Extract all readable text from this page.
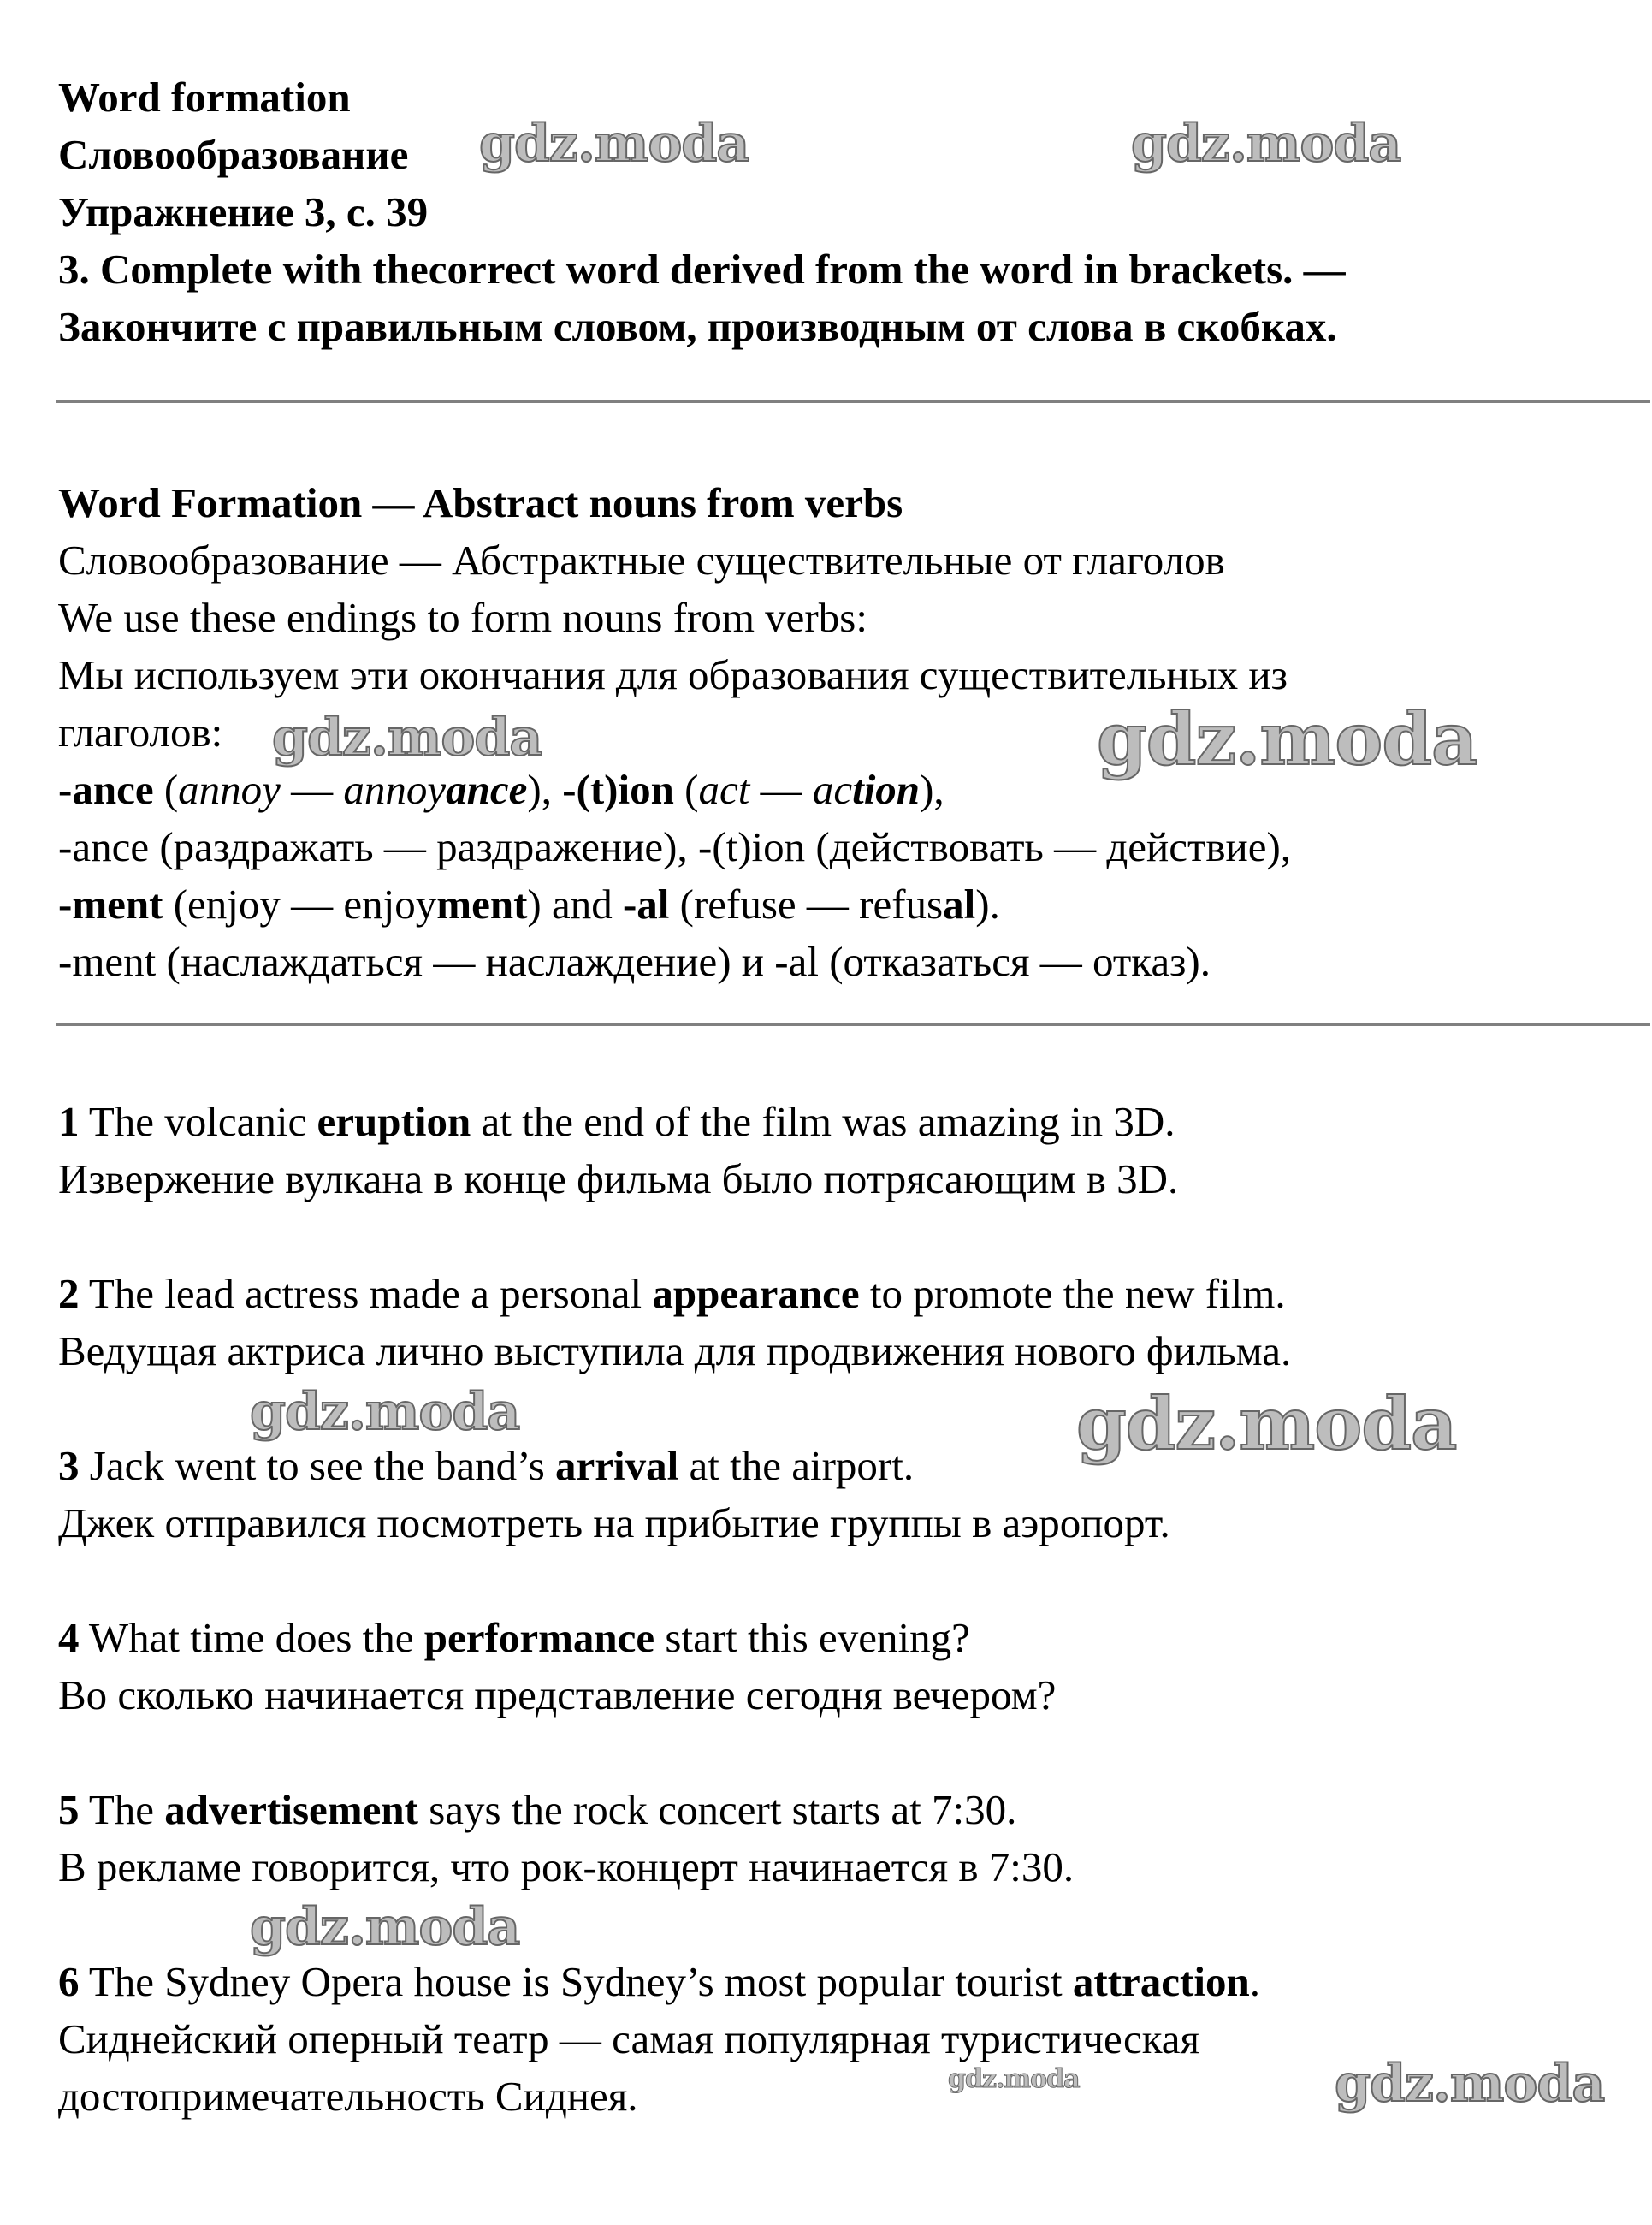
Word formation

Словообразование

Упражнение 3, с. 39

3. Complete with thecorrect word derived from the word in brackets. —

Закончите с правильным словом, производным от слова в скобках.

Word Formation — Abstract nouns from verbs

Словообразование — Абстрактные существительные от глаголов

We use these endings to form nouns from verbs:

Мы используем эти окончания для образования существительных из

глаголов:

-ance (annoy — annoyance), -(t)ion (act — action),

-ance (раздражать — раздражение), -(t)ion (действовать — действие),

-ment (enjoy — enjoyment) and -al (refuse — refusal).

-ment (наслаждаться — наслаждение) и -al (отказаться — отказ).

1 The volcanic eruption at the end of the film was amazing in 3D.

Извержение вулкана в конце фильма было потрясающим в 3D.

2 The lead actress made a personal appearance to promote the new film.

Ведущая актриса лично выступила для продвижения нового фильма.

3 Jack went to see the band’s arrival at the airport.

Джек отправился посмотреть на прибытие группы в аэропорт.

4 What time does the performance start this evening?

Во сколько начинается представление сегодня вечером?

5 The advertisement says the rock concert starts at 7:30.

В рекламе говорится, что рок-концерт начинается в 7:30.

6 The Sydney Opera house is Sydney’s most popular tourist attraction.

Сиднейский оперный театр — самая популярная туристическая

достопримечательность Сиднея.

gdz.moda	gdz.moda
gdz.moda	gdz.moda
gdz.moda	gdz.moda
gdz.moda
gdz.moda	gdz.moda
